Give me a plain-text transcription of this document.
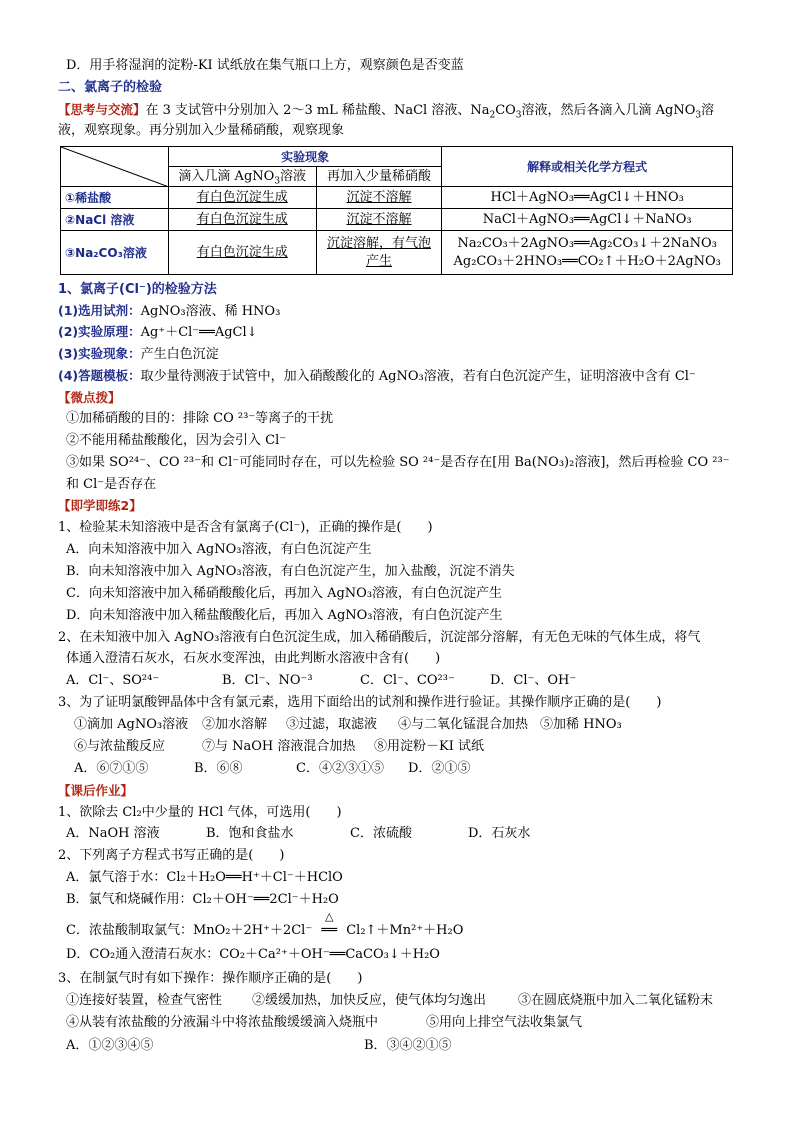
D．用手将湿润的淀粉-KI 试纸放在集气瓶口上方，观察颜色是否变蓝
二、氯离子的检验
【思考与交流】在 3 支试管中分别加入 2～3 mL 稀盐酸、NaCl 溶液、$Na_2CO_3$溶液，然后各滴入几滴 AgNO$_3$溶
液，观察现象。再分别加入少量稀硝酸，观察现象
	实验现象		解释或相关化学方程式
	滴入几滴 AgNO$_3$溶液	再加入少量稀硝酸	
①稀盐酸	有白色沉淀生成	沉淀不溶解	HCl＋AgNO₃══AgCl↓＋HNO₃
②NaCl 溶液	有白色沉淀生成	沉淀不溶解	NaCl＋AgNO₃══AgCl↓＋NaNO₃
③Na₂CO₃溶液	有白色沉淀生成	沉淀溶解，有气泡
产生	Na₂CO₃＋2AgNO₃══Ag₂CO₃↓＋2NaNO₃
Ag₂CO₃＋2HNO₃══CO₂↑＋H₂O＋2AgNO₃
1、氯离子(Cl⁻)的检验方法
(1)选用试剂：AgNO₃溶液、稀 HNO₃
(2)实验原理：Ag⁺＋Cl⁻══AgCl↓
(3)实验现象：产生白色沉淀
(4)答题模板：取少量待测液于试管中，加入硝酸酸化的 AgNO₃溶液，若有白色沉淀产生，证明溶液中含有 Cl⁻
【微点拨】
①加稀硝酸的目的：排除 CO ²³⁻等离子的干扰
②不能用稀盐酸酸化，因为会引入 Cl⁻
③如果 SO²⁴⁻、CO ²³⁻和 Cl⁻可能同时存在，可以先检验 SO ²⁴⁻是否存在[用 Ba(NO₃)₂溶液]，然后再检验 CO ²³⁻
和 Cl⁻是否存在
【即学即练2】
1、检验某未知溶液中是否含有氯离子(Cl⁻)，正确的操作是(　　)
A．向未知溶液中加入 AgNO₃溶液，有白色沉淀产生
B．向未知溶液中加入 AgNO₃溶液，有白色沉淀产生，加入盐酸，沉淀不消失
C．向未知溶液中加入稀硝酸酸化后，再加入 AgNO₃溶液，有白色沉淀产生
D．向未知溶液中加入稀盐酸酸化后，再加入 AgNO₃溶液，有白色沉淀产生
2、在未知液中加入 AgNO₃溶液有白色沉淀生成，加入稀硝酸后，沉淀部分溶解，有无色无味的气体生成，将气
体通入澄清石灰水，石灰水变浑浊，由此判断水溶液中含有(　　)
A．Cl⁻、SO²⁴⁻	B．Cl⁻、NO⁻³	C．Cl⁻、CO²³⁻	D．Cl⁻、OH⁻
3、为了证明氯酸钾晶体中含有氯元素，选用下面给出的试剂和操作进行验证。其操作顺序正确的是(　　)
①滴加 AgNO₃溶液 ②加水溶解 ③过滤，取滤液 ④与二氧化锰混合加热 ⑤加稀 HNO₃
⑥与浓盐酸反应	⑦与 NaOH 溶液混合加热 ⑧用淀粉－KI 试纸
A．⑥⑦①⑤	B．⑥⑧	C．④②③①⑤ D．②①⑤
【课后作业】
1、欲除去 Cl₂中少量的 HCl 气体，可选用(　　)
A．NaOH 溶液	B．饱和食盐水	C．浓硫酸	D．石灰水
2、下列离子方程式书写正确的是(　　)
A．氯气溶于水：Cl₂＋H₂O══H⁺＋Cl⁻＋HClO
B．氯气和烧碱作用：Cl₂＋OH⁻══2Cl⁻＋H₂O
C．浓盐酸制取氯气：MnO₂＋2H⁺＋2Cl⁻
△
══ Cl₂↑＋Mn²⁺＋H₂O
D．CO₂通入澄清石灰水：CO₂＋Ca²⁺＋OH⁻══CaCO₃↓＋H₂O
3、在制氯气时有如下操作：操作顺序正确的是(　　)
①连接好装置，检查气密性 ②缓缓加热，加快反应，使气体均匀逸出 ③在圆底烧瓶中加入二氧化锰粉末
④从装有浓盐酸的分液漏斗中将浓盐酸缓缓滴入烧瓶中	⑤用向上排空气法收集氯气
A．①②③④⑤	B．③④②①⑤
